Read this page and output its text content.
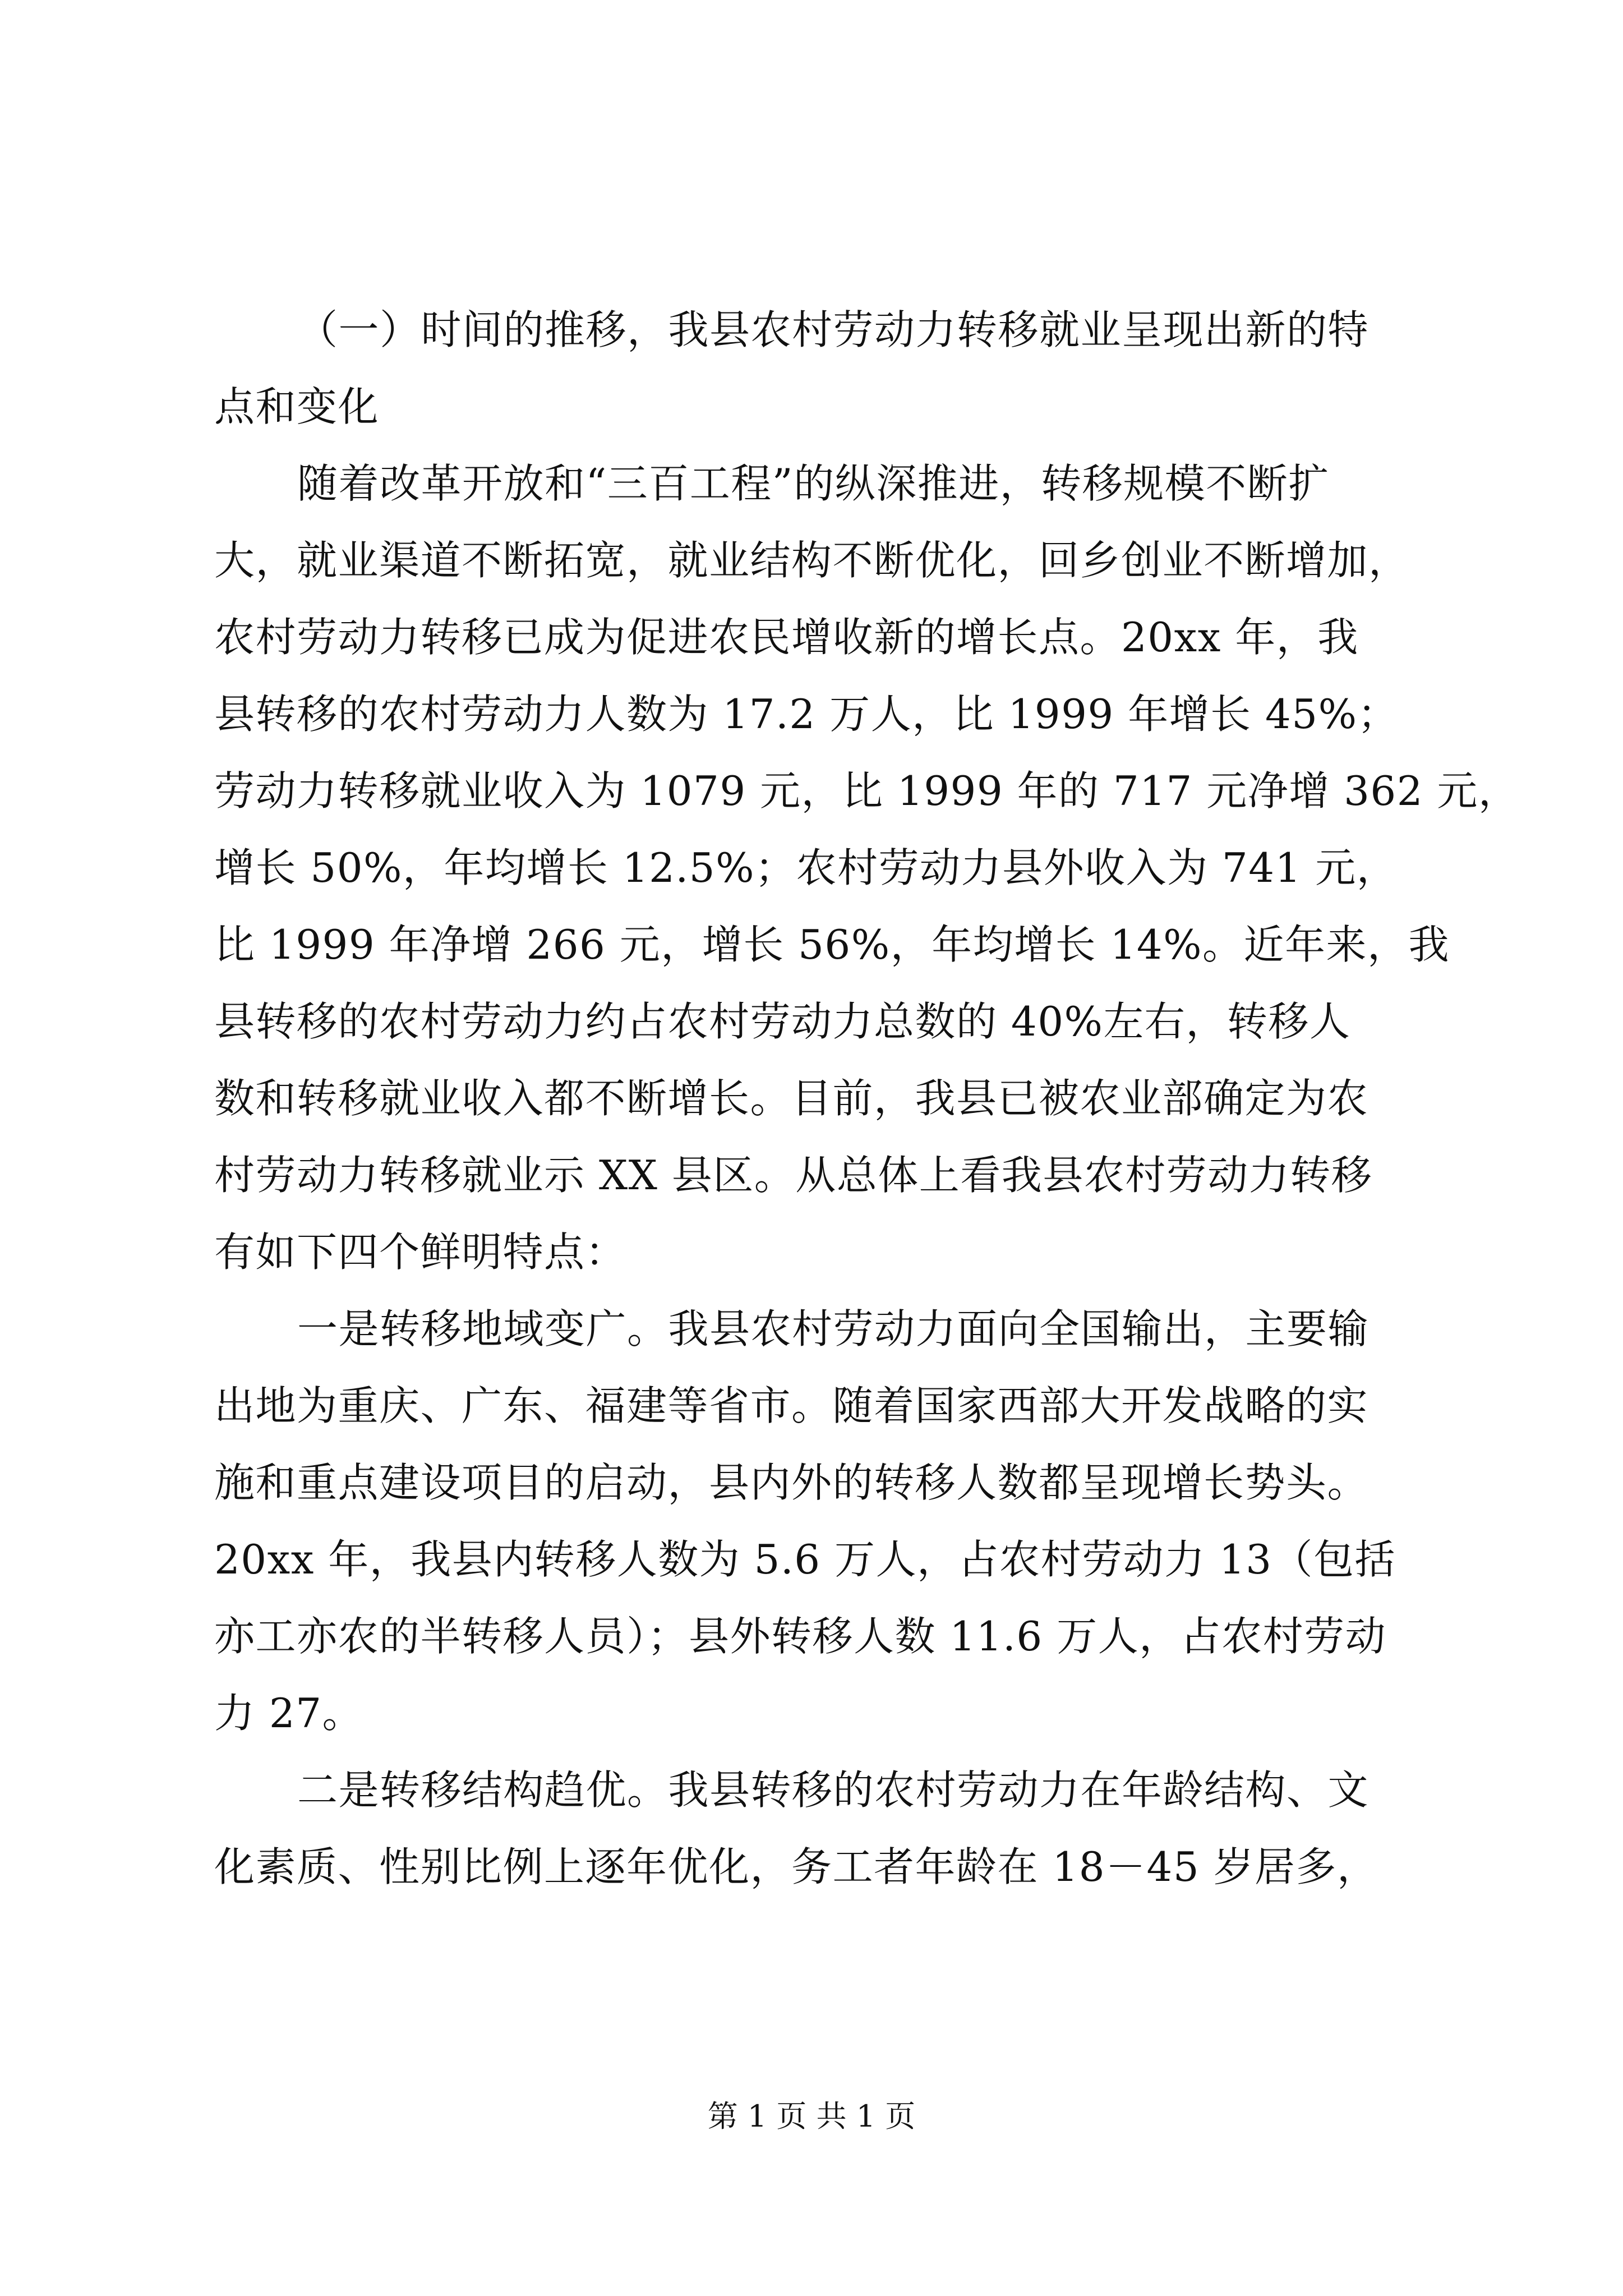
（一）时间的推移，我县农村劳动力转移就业呈现出新的特
点和变化
随着改革开放和“三百工程”的纵深推进，转移规模不断扩
大，就业渠道不断拓宽，就业结构不断优化，回乡创业不断增加，
农村劳动力转移已成为促进农民增收新的增长点。20xx 年，我
县转移的农村劳动力人数为 17.2 万人，比 1999 年增长 45%；
劳动力转移就业收入为 1079 元，比 1999 年的 717 元净增 362 元，
增长 50%，年均增长 12.5%；农村劳动力县外收入为 741 元，
比 1999 年净增 266 元，增长 56%，年均增长 14%。近年来，我
县转移的农村劳动力约占农村劳动力总数的 40%左右，转移人
数和转移就业收入都不断增长。目前，我县已被农业部确定为农
村劳动力转移就业示 XX 县区。从总体上看我县农村劳动力转移
有如下四个鲜明特点：
一是转移地域变广。我县农村劳动力面向全国输出，主要输
出地为重庆、广东、福建等省市。随着国家西部大开发战略的实
施和重点建设项目的启动，县内外的转移人数都呈现增长势头。
20xx 年，我县内转移人数为 5.6 万人，占农村劳动力 13（包括
亦工亦农的半转移人员）；县外转移人数 11.6 万人，占农村劳动
力 27。
二是转移结构趋优。我县转移的农村劳动力在年龄结构、文
化素质、性别比例上逐年优化，务工者年龄在 18－45 岁居多，
第 1 页 共 1 页
